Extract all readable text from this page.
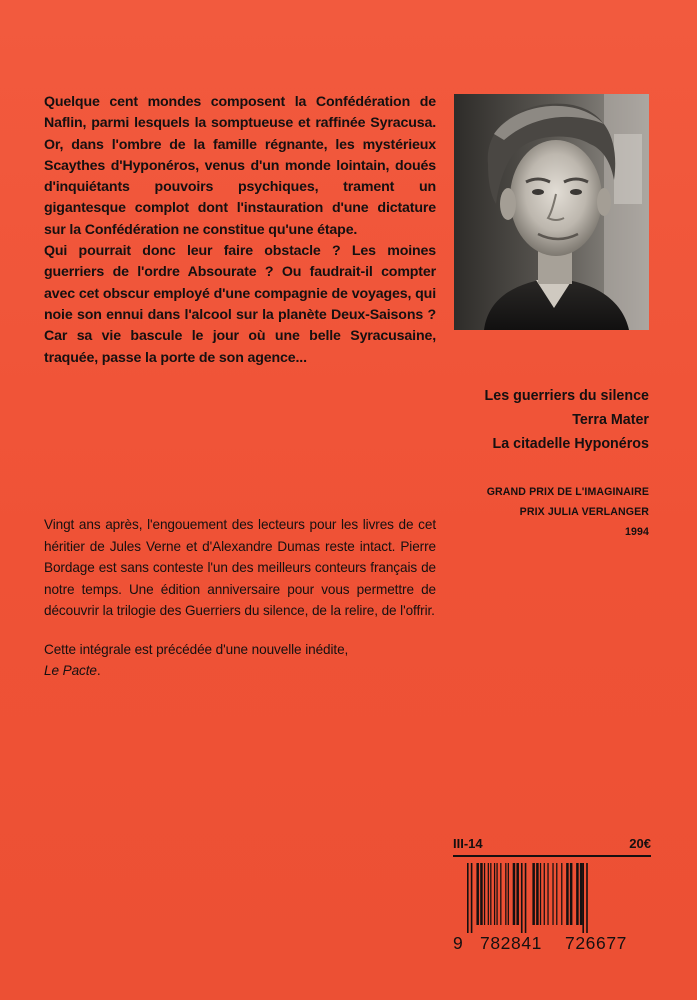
Quelque cent mondes composent la Confédération de Naflin, parmi lesquels la somptueuse et raffinée Syracusa. Or, dans l'ombre de la famille régnante, les mystérieux Scaythes d'Hyponéros, venus d'un monde lointain, doués d'inquiétants pouvoirs psychiques, trament un gigantesque complot dont l'instauration d'une dictature sur la Confédération ne constitue qu'une étape.

Qui pourrait donc leur faire obstacle ? Les moines guerriers de l'ordre Absourate ? Ou faudrait-il compter avec cet obscur employé d'une compagnie de voyages, qui noie son ennui dans l'alcool sur la planète Deux-Saisons ? Car sa vie bascule le jour où une belle Syracusaine, traquée, passe la porte de son agence...

Vingt ans après, l'engouement des lecteurs pour les livres de cet héritier de Jules Verne et d'Alexandre Dumas reste intact. Pierre Bordage est sans conteste l'un des meilleurs conteurs français de notre temps. Une édition anniversaire pour vous permettre de découvrir la trilogie des Guerriers du silence, de la relire, de l'offrir.

Cette intégrale est précédée d'une nouvelle inédite,
Le Pacte.

Les guerriers du silence
Terra Mater
La citadelle Hyponéros
GRAND PRIX DE L'IMAGINAIRE
PRIX JULIA VERLANGER
1994
III-14	20€
9 782841 726677
